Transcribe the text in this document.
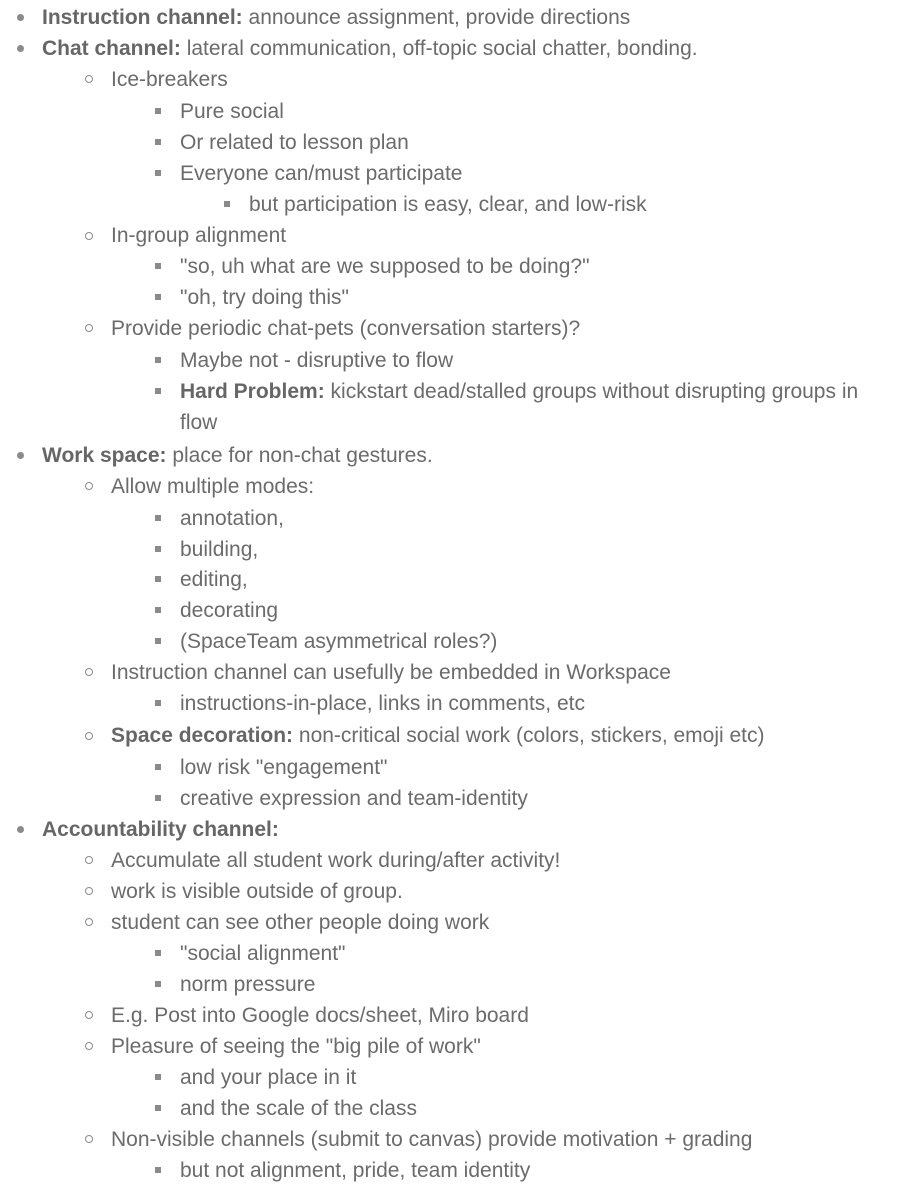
Instruction channel: announce assignment, provide directions
Chat channel: lateral communication, off-topic social chatter, bonding.
Ice-breakers
Pure social
Or related to lesson plan
Everyone can/must participate
but participation is easy, clear, and low-risk
In-group alignment
"so, uh what are we supposed to be doing?"
"oh, try doing this"
Provide periodic chat-pets (conversation starters)?
Maybe not - disruptive to flow
Hard Problem: kickstart dead/stalled groups without disrupting groups in flow
Work space: place for non-chat gestures.
Allow multiple modes:
annotation,
building,
editing,
decorating
(SpaceTeam asymmetrical roles?)
Instruction channel can usefully be embedded in Workspace
instructions-in-place, links in comments, etc
Space decoration: non-critical social work (colors, stickers, emoji etc)
low risk "engagement"
creative expression and team-identity
Accountability channel:
Accumulate all student work during/after activity!
work is visible outside of group.
student can see other people doing work
"social alignment"
norm pressure
E.g. Post into Google docs/sheet, Miro board
Pleasure of seeing the "big pile of work"
and your place in it
and the scale of the class
Non-visible channels (submit to canvas) provide motivation + grading
but not alignment, pride, team identity
